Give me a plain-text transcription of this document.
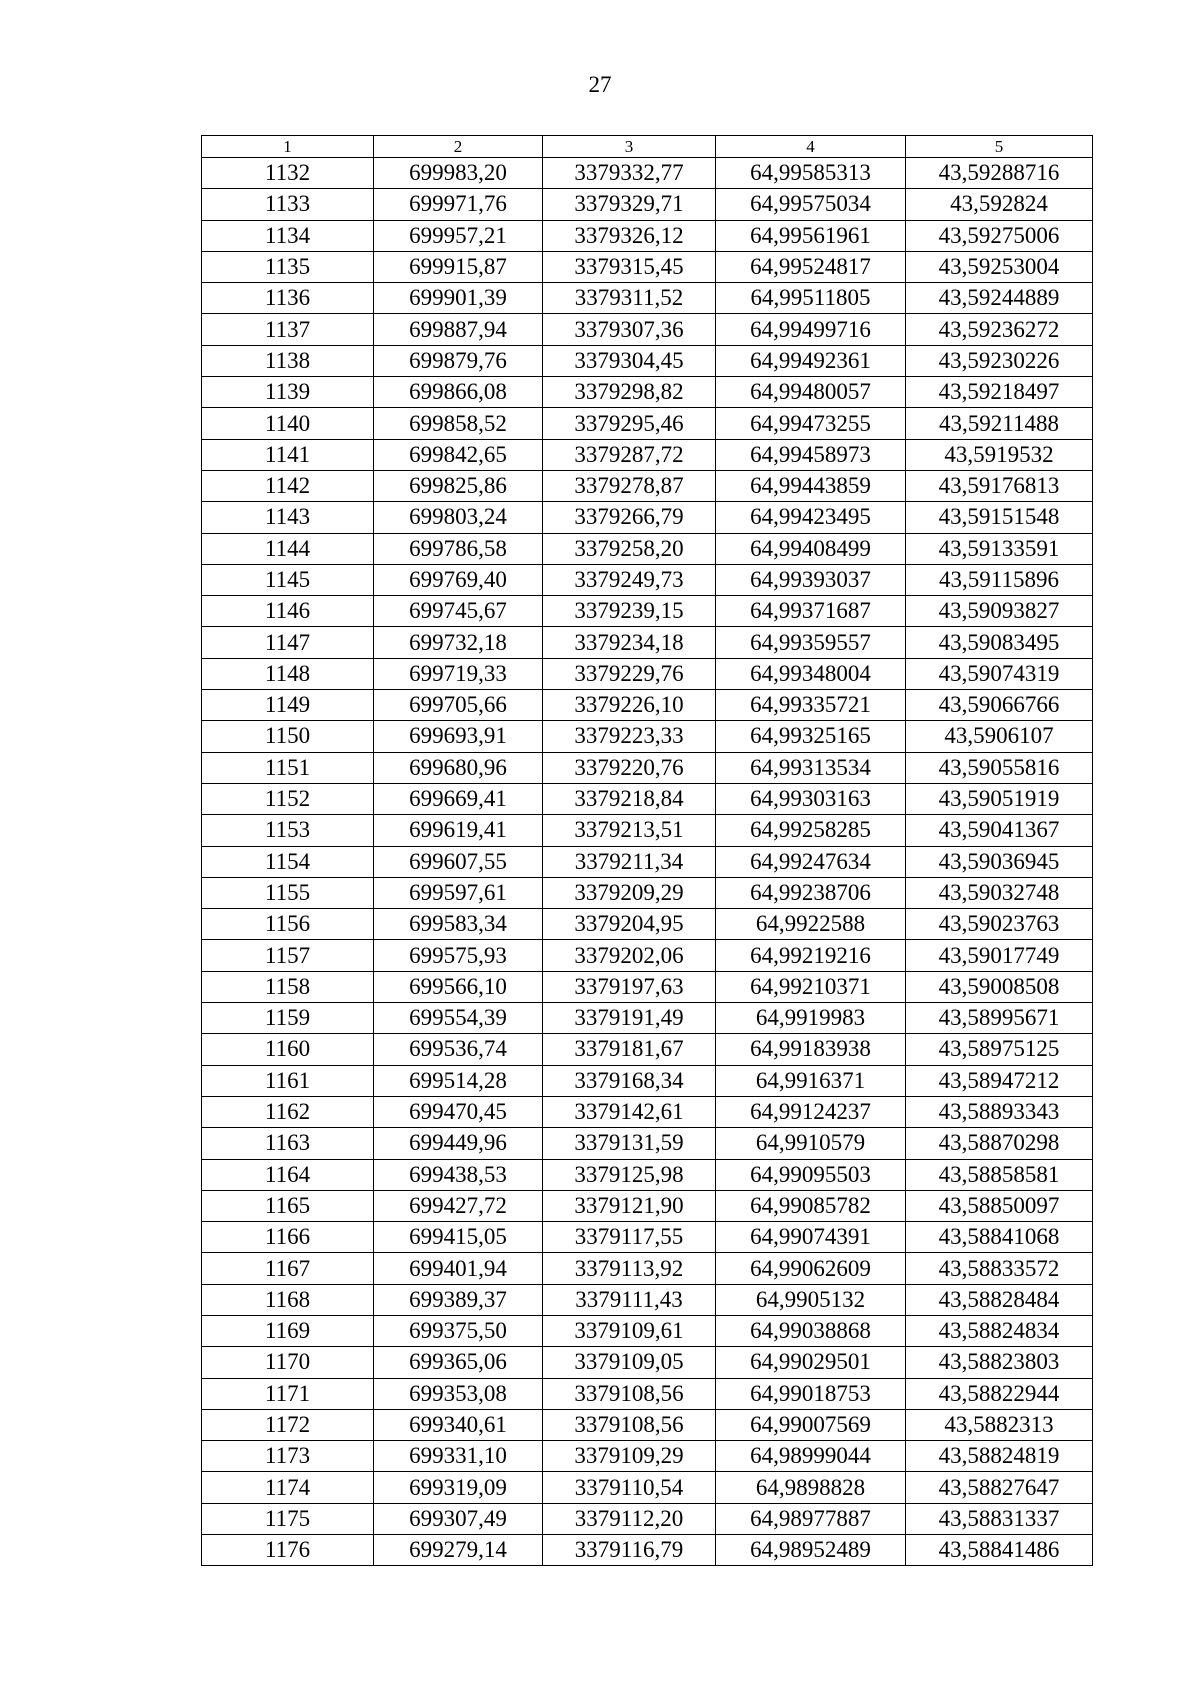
27
1	2	3	4	5
1132	699983,20	3379332,77	64,99585313	43,59288716
1133	699971,76	3379329,71	64,99575034	43,592824
1134	699957,21	3379326,12	64,99561961	43,59275006
1135	699915,87	3379315,45	64,99524817	43,59253004
1136	699901,39	3379311,52	64,99511805	43,59244889
1137	699887,94	3379307,36	64,99499716	43,59236272
1138	699879,76	3379304,45	64,99492361	43,59230226
1139	699866,08	3379298,82	64,99480057	43,59218497
1140	699858,52	3379295,46	64,99473255	43,59211488
1141	699842,65	3379287,72	64,99458973	43,5919532
1142	699825,86	3379278,87	64,99443859	43,59176813
1143	699803,24	3379266,79	64,99423495	43,59151548
1144	699786,58	3379258,20	64,99408499	43,59133591
1145	699769,40	3379249,73	64,99393037	43,59115896
1146	699745,67	3379239,15	64,99371687	43,59093827
1147	699732,18	3379234,18	64,99359557	43,59083495
1148	699719,33	3379229,76	64,99348004	43,59074319
1149	699705,66	3379226,10	64,99335721	43,59066766
1150	699693,91	3379223,33	64,99325165	43,5906107
1151	699680,96	3379220,76	64,99313534	43,59055816
1152	699669,41	3379218,84	64,99303163	43,59051919
1153	699619,41	3379213,51	64,99258285	43,59041367
1154	699607,55	3379211,34	64,99247634	43,59036945
1155	699597,61	3379209,29	64,99238706	43,59032748
1156	699583,34	3379204,95	64,9922588	43,59023763
1157	699575,93	3379202,06	64,99219216	43,59017749
1158	699566,10	3379197,63	64,99210371	43,59008508
1159	699554,39	3379191,49	64,9919983	43,58995671
1160	699536,74	3379181,67	64,99183938	43,58975125
1161	699514,28	3379168,34	64,9916371	43,58947212
1162	699470,45	3379142,61	64,99124237	43,58893343
1163	699449,96	3379131,59	64,9910579	43,58870298
1164	699438,53	3379125,98	64,99095503	43,58858581
1165	699427,72	3379121,90	64,99085782	43,58850097
1166	699415,05	3379117,55	64,99074391	43,58841068
1167	699401,94	3379113,92	64,99062609	43,58833572
1168	699389,37	3379111,43	64,9905132	43,58828484
1169	699375,50	3379109,61	64,99038868	43,58824834
1170	699365,06	3379109,05	64,99029501	43,58823803
1171	699353,08	3379108,56	64,99018753	43,58822944
1172	699340,61	3379108,56	64,99007569	43,5882313
1173	699331,10	3379109,29	64,98999044	43,58824819
1174	699319,09	3379110,54	64,9898828	43,58827647
1175	699307,49	3379112,20	64,98977887	43,58831337
1176	699279,14	3379116,79	64,98952489	43,58841486
